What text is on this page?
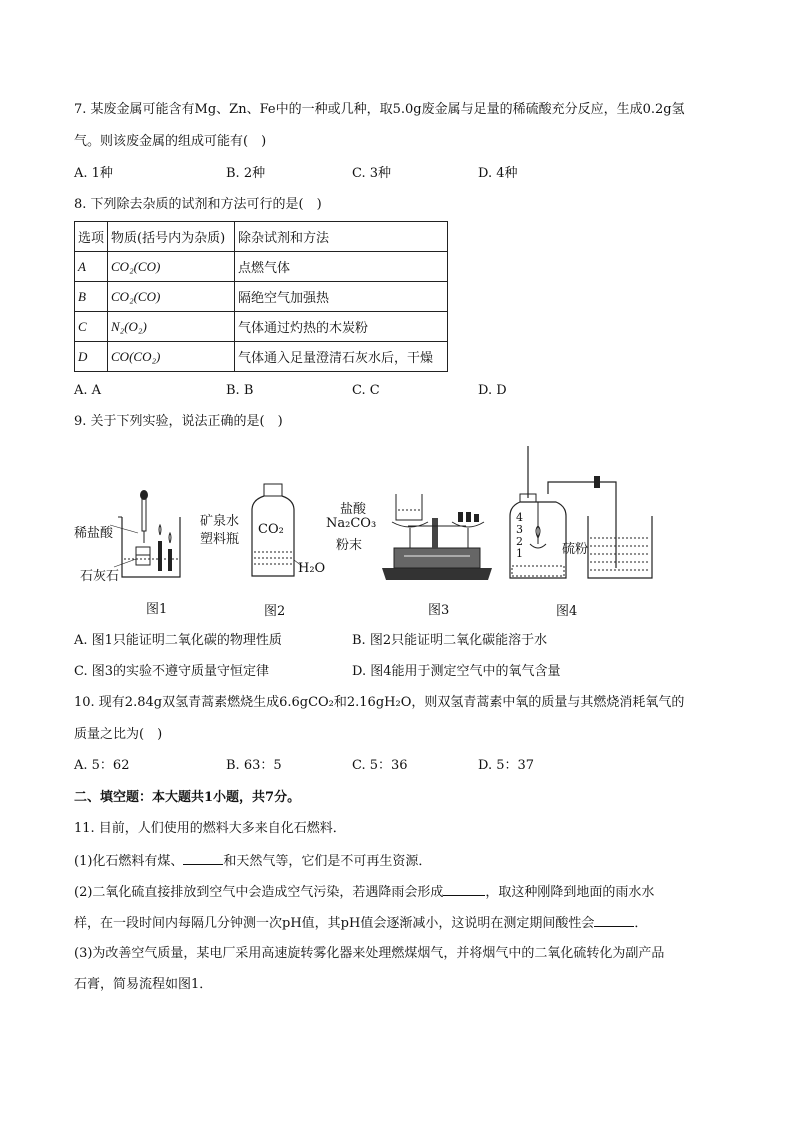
7. 某废金属可能含有Mg、Zn、Fe中的一种或几种，取5.0g废金属与足量的稀硫酸充分反应，生成0.2g氢
气。则该废金属的组成可能有(　)
A. 1种	B. 2种	C. 3种	D. 4种
8. 下列除去杂质的试剂和方法可行的是(　)
选项	物质(括号内为杂质)	除杂试剂和方法
A	CO₂(CO)	点燃气体
B	CO₂(CO)	隔绝空气加强热
C	N₂(O₂)	气体通过灼热的木炭粉
D	CO(CO₂)	气体通入足量澄清石灰水后，干燥
A. A	B. B	C. C	D. D
9. 关于下列实验，说法正确的是(　)
稀盐酸
石灰石
图1
矿泉水
塑料瓶
CO₂
H₂O
图2
盐酸
Na₂CO₃
粉末
图3
4
3
2
1	硫粉
图4
A. 图1只能证明二氧化碳的物理性质	B. 图2只能证明二氧化碳能溶于水
C. 图3的实验不遵守质量守恒定律	D. 图4能用于测定空气中的氧气含量
10. 现有2.84g双氢青蒿素燃烧生成6.6gCO₂和2.16gH₂O，则双氢青蒿素中氧的质量与其燃烧消耗氧气的
质量之比为(　)
A. 5：62	B. 63：5	C. 5：36	D. 5：37
二、填空题：本大题共1小题，共7分。
11. 目前，人们使用的燃料大多来自化石燃料．
(1)化石燃料有煤、	和天然气等，它们是不可再生资源．
(2)二氧化硫直接排放到空气中会造成空气污染，若遇降雨会形成	，取这种刚降到地面的雨水水
样，在一段时间内每隔几分钟测一次pH值，其pH值会逐渐减小，这说明在测定期间酸性会	．
(3)为改善空气质量，某电厂采用高速旋转雾化器来处理燃煤烟气，并将烟气中的二氧化硫转化为副产品
石膏，简易流程如图1．
